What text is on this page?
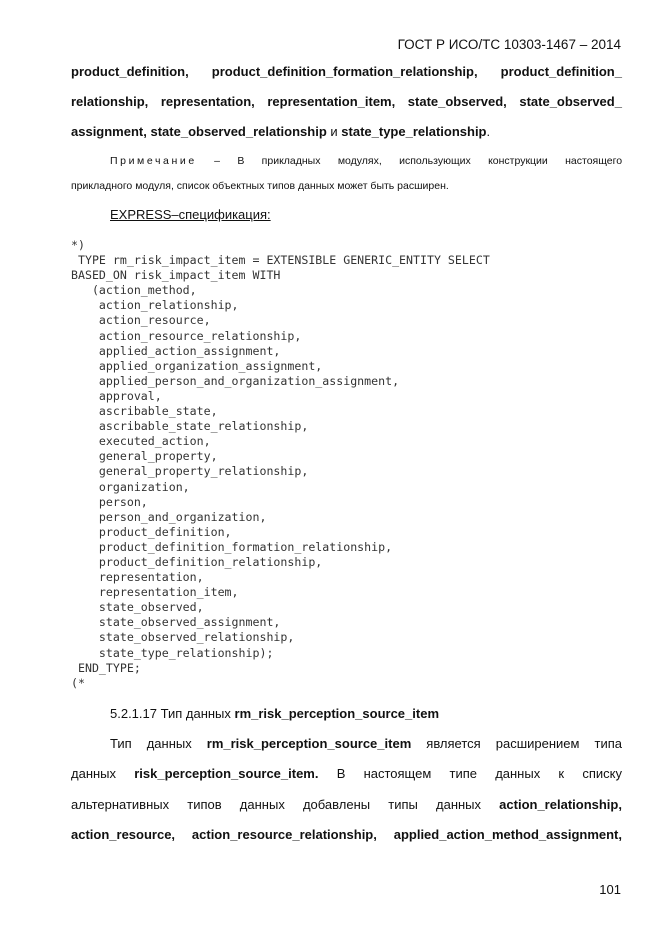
ГОСТ Р ИСО/ТС 10303-1467 – 2014
product_definition, product_definition_formation_relationship, product_definition_
relationship, representation, representation_item, state_observed, state_observed_
assignment, state_observed_relationship и state_type_relationship.
Примечание – В прикладных модулях, использующих конструкции настоящего
прикладного модуля, список объектных типов данных может быть расширен.
EXPRESS–спецификация:
*)
TYPE rm_risk_impact_item = EXTENSIBLE GENERIC_ENTITY SELECT
BASED_ON risk_impact_item WITH
(action_method,
action_relationship,
action_resource,
action_resource_relationship,
applied_action_assignment,
applied_organization_assignment,
applied_person_and_organization_assignment,
approval,
ascribable_state,
ascribable_state_relationship,
executed_action,
general_property,
general_property_relationship,
organization,
person,
person_and_organization,
product_definition,
product_definition_formation_relationship,
product_definition_relationship,
representation,
representation_item,
state_observed,
state_observed_assignment,
state_observed_relationship,
state_type_relationship);
END_TYPE;
(*
5.2.1.17 Тип данных rm_risk_perception_source_item
Тип данных rm_risk_perception_source_item является расширением типа
данных risk_perception_source_item. В настоящем типе данных к списку
альтернативных типов данных добавлены типы данных action_relationship,
action_resource, action_resource_relationship, applied_action_method_assignment,
101
